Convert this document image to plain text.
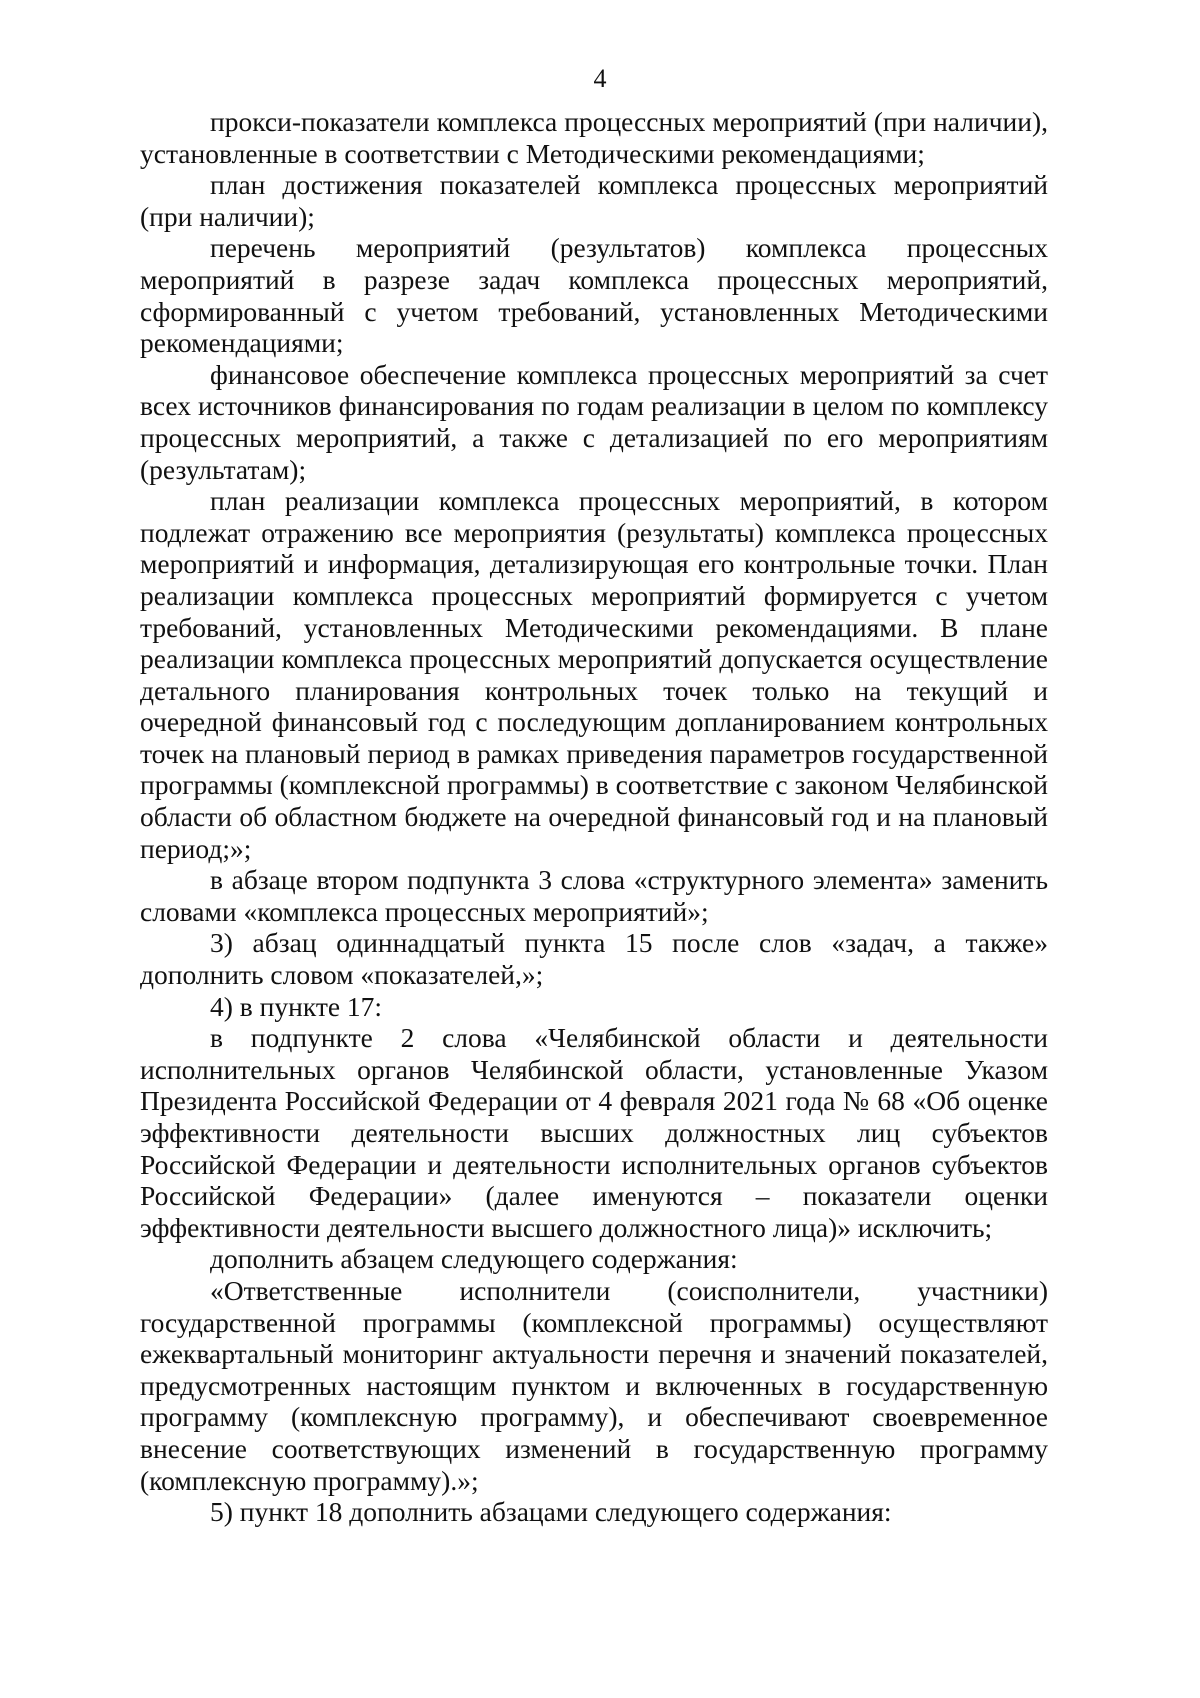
4

прокси-показатели комплекса процессных мероприятий (при наличии), установленные в соответствии с Методическими рекомендациями;

план достижения показателей комплекса процессных мероприятий (при наличии);

перечень мероприятий (результатов) комплекса процессных мероприятий в разрезе задач комплекса процессных мероприятий, сформированный с учетом требований, установленных Методическими рекомендациями;

финансовое обеспечение комплекса процессных мероприятий за счет всех источников финансирования по годам реализации в целом по комплексу процессных мероприятий, а также с детализацией по его мероприятиям (результатам);

план реализации комплекса процессных мероприятий, в котором подлежат отражению все мероприятия (результаты) комплекса процессных мероприятий и информация, детализирующая его контрольные точки. План реализации комплекса процессных мероприятий формируется с учетом требований, установленных Методическими рекомендациями. В плане реализации комплекса процессных мероприятий допускается осуществление детального планирования контрольных точек только на текущий и очередной финансовый год с последующим допланированием контрольных точек на плановый период в рамках приведения параметров государственной программы (комплексной программы) в соответствие с законом Челябинской области об областном бюджете на очередной финансовый год и на плановый период;»;

в абзаце втором подпункта 3 слова «структурного элемента» заменить словами «комплекса процессных мероприятий»;

3) абзац одиннадцатый пункта 15 после слов «задач, а также» дополнить словом «показателей,»;

4) в пункте 17:

в подпункте 2 слова «Челябинской области и деятельности исполнительных органов Челябинской области, установленные Указом Президента Российской Федерации от 4 февраля 2021 года № 68 «Об оценке эффективности деятельности высших должностных лиц субъектов Российской Федерации и деятельности исполнительных органов субъектов Российской Федерации» (далее именуются – показатели оценки эффективности деятельности высшего должностного лица)» исключить;

дополнить абзацем следующего содержания:

«Ответственные исполнители (соисполнители, участники) государственной программы (комплексной программы) осуществляют ежеквартальный мониторинг актуальности перечня и значений показателей, предусмотренных настоящим пунктом и включенных в государственную программу (комплексную программу), и обеспечивают своевременное внесение соответствующих изменений в государственную программу (комплексную программу).»;

5) пункт 18 дополнить абзацами следующего содержания:
